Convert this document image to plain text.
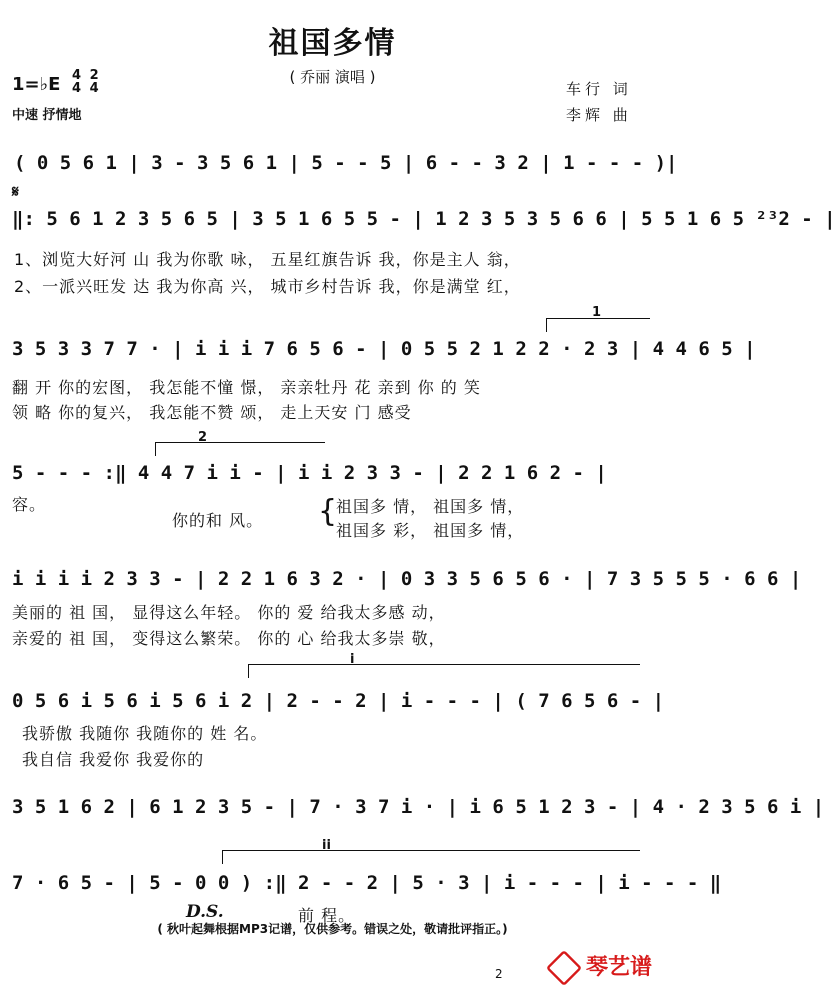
祖国多情
( 乔丽 演唱 )
1=♭E 4
4 2
4
中速 抒情地
车行 词
李辉 曲
( 0 5 6 1 | 3 - 3 5 6 1 | 5 - - 5 | 6 - - 3 2 | 1 - - - )|
𝄋
‖: 5 6 1 2 3 5 6 5 | 3 5 1 6 5 5 - | 1 2 3 5 3 5 6 6 | 5 5 1 6 5 ²³2 - |
1、浏览大好河 山 我为你歌 咏， 五星红旗告诉 我，你是主人 翁，
2、一派兴旺发 达 我为你高 兴， 城市乡村告诉 我，你是满堂 红，
1
3 5 3 3 7 7 · | i i i 7 6 5 6 - | 0 5 5 2 1 2 2 · 2 3 | 4 4 6 5 |
翻 开 你的宏图， 我怎能不憧 憬， 亲亲牡丹 花 亲到 你 的 笑
领 略 你的复兴， 我怎能不赞 颂， 走上天安 门 感受
2
5 - - - :‖ 4 4 7 i i - | i i 2 3 3 - | 2 2 1 6 2 - |
容。
你的和 风。 {
祖国多 情， 祖国多 情，
祖国多 彩， 祖国多 情，
i i i i 2 3 3 - | 2 2 1 6 3 2 · | 0 3 3 5 6 5 6 · | 7 3 5 5 5 · 6 6 |
美丽的 祖 国， 显得这么年轻。 你的 爱 给我太多感 动，
亲爱的 祖 国， 变得这么繁荣。 你的 心 给我太多崇 敬，
i
0 5 6 i 5 6 i 5 6 i 2 | 2 - - 2 | i - - - | ( 7 6 5 6 - |
我骄傲 我随你 我随你的 姓 名。
我自信 我爱你 我爱你的
3 5 1 6 2 | 6 1 2 3 5 - | 7 · 3 7 i · | i 6 5 1 2 3 - | 4 · 2 3 5 6 i |
ii
7 · 6 5 - | 5 - 0 0 ) :‖ 2 - - 2 | 5 · 3 | i - - - | i - - - ‖
D.S.	前 程。
( 秋叶起舞根据MP3记谱，仅供参考。错误之处，敬请批评指正。)
2	琴艺谱
